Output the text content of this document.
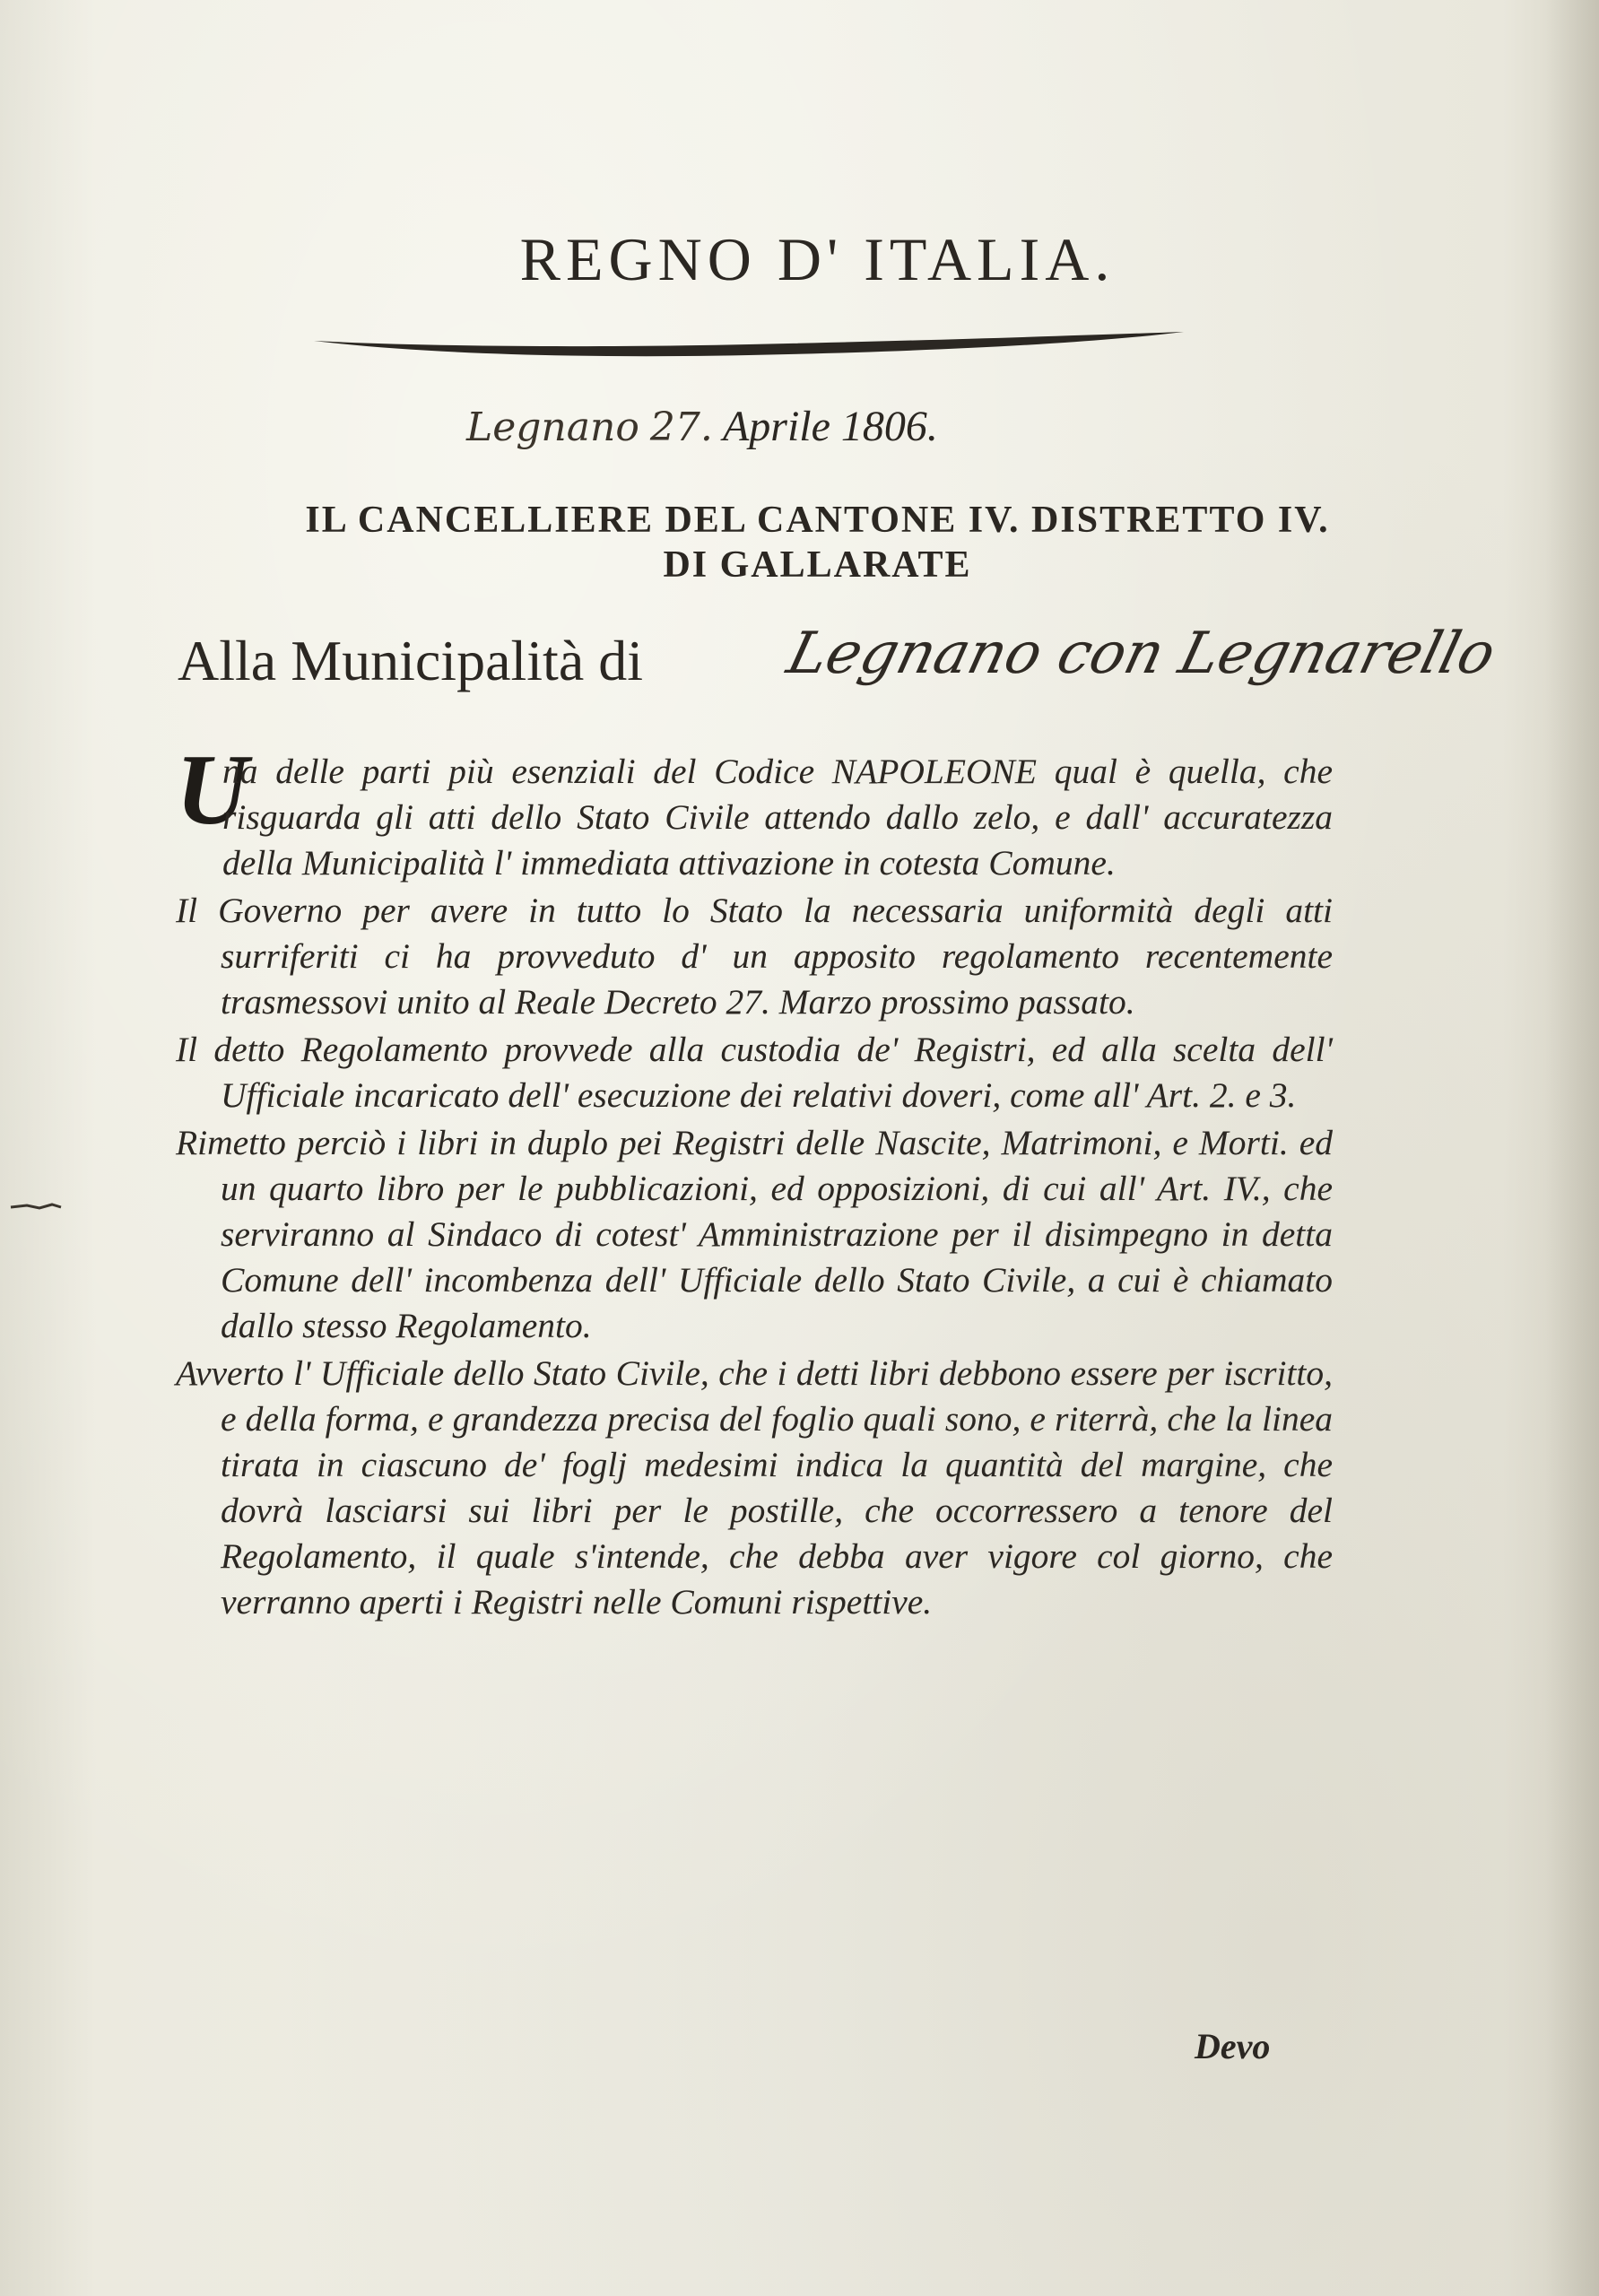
REGNO D' ITALIA.
Legnano 27. Aprile 1806.
IL CANCELLIERE DEL CANTONE IV. DISTRETTO IV.
DI GALLARATE
Alla Municipalità di Legnano con Legnarello
U

na delle parti più esenziali del Codice NAPOLEONE qual è quella, che risguarda gli atti dello Stato Civile attendo dallo zelo, e dall' accuratezza della Municipalità l' immediata attivazione in cotesta Comune.

Il Governo per avere in tutto lo Stato la necessaria uniformità degli atti surriferiti ci ha provveduto d' un apposito regolamento recentemente trasmessovi unito al Reale Decreto 27. Marzo prossimo passato.

Il detto Regolamento provvede alla custodia de' Registri, ed alla scelta dell' Ufficiale incaricato dell' esecuzione dei relativi doveri, come all' Art. 2. e 3.

Rimetto perciò i libri in duplo pei Registri delle Nascite, Matrimoni, e Morti. ed un quarto libro per le pubblicazioni, ed opposizioni, di cui all' Art. IV., che serviranno al Sindaco di cotest' Amministrazione per il disimpegno in detta Comune dell' incombenza dell' Ufficiale dello Stato Civile, a cui è chiamato dallo stesso Regolamento.

Avverto l' Ufficiale dello Stato Civile, che i detti libri debbono essere per iscritto, e della forma, e grandezza precisa del foglio quali sono, e riterrà, che la linea tirata in ciascuno de' foglj medesimi indica la quantità del margine, che dovrà lasciarsi sui libri per le postille, che occorressero a tenore del Regolamento, il quale s'intende, che debba aver vigore col giorno, che verranno aperti i Registri nelle Comuni rispettive.

Devo
